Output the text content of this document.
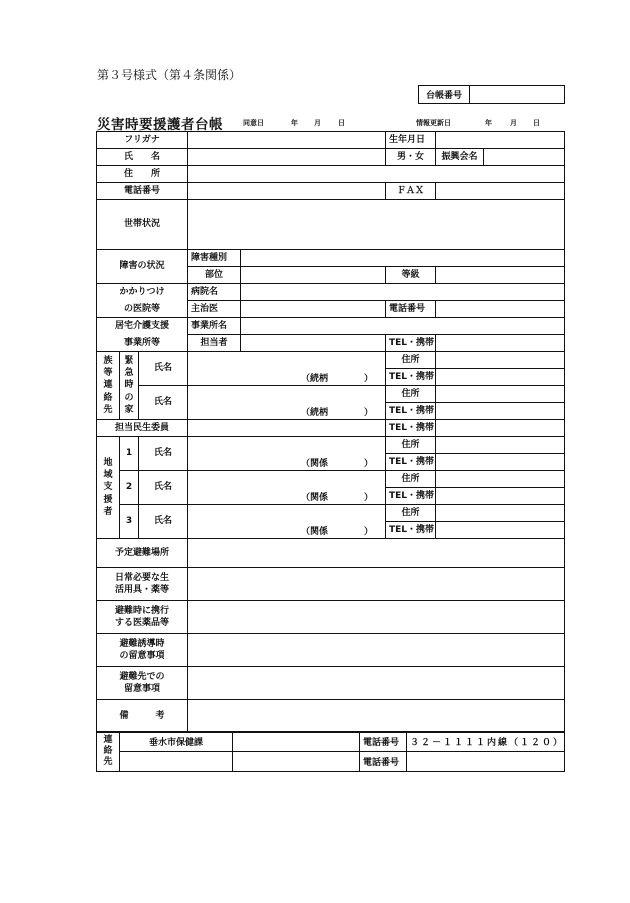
第３号様式（第４条関係）
台帳番号
災害時要援護者台帳	同意日	年 月 日	情報更新日	年	月 日
フリガナ					生年月日		
氏　　名					男・女	振興会名	
住　　所							
電話番号					ＦＡＸ		
世帯状況							
障害の状況			障害種別				
			部位		等級		
かかりつけ			病院名				
の医院等			主治医		電話番号		
居宅介護支援			事業所名				
事業所等			担当者		TEL・携帯		
族等連絡先	緊急時の家	氏名	（続柄　　　　）		住所		
					TEL・携帯		
		氏名	（続柄　　　　）		住所		
					TEL・携帯		
担当民生委員					TEL・携帯		
地域支援者	1	氏名	（関係　　　　）		住所		
					TEL・携帯		
	2	氏名	（関係　　　　）		住所		
					TEL・携帯		
	3	氏名	（関係　　　　）		住所		
					TEL・携帯		
予定避難場所							

日常必要な生
活用具・薬等							

避難時に携行
する医薬品等							

避難誘導時
の留意事項							

避難先での
留意事項							

備　　　考							
連絡先	垂水市保健課		電話番号	３２－１１１１内線（１２０）
			電話番号	
